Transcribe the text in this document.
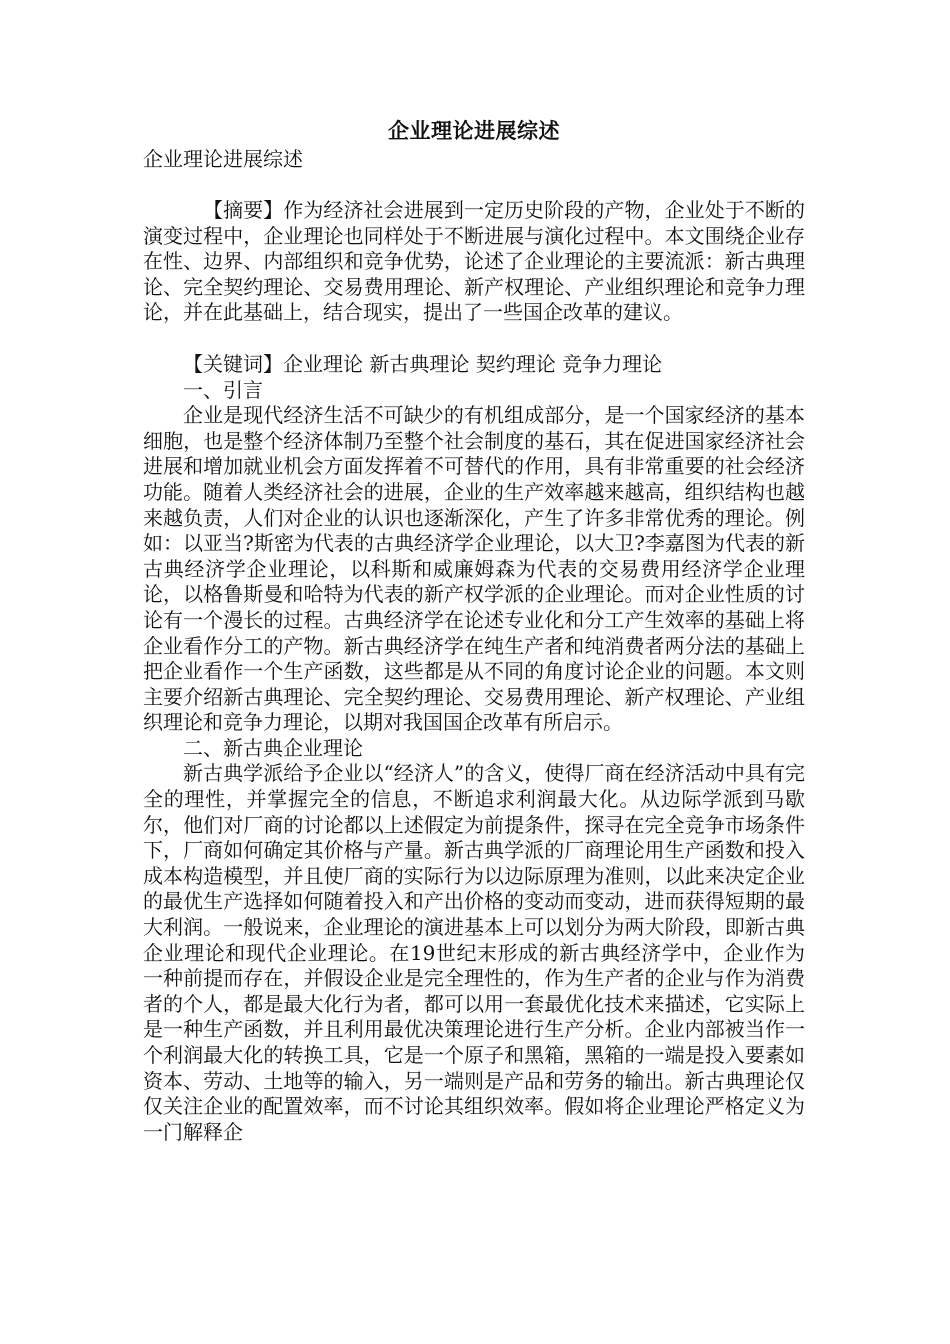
企业理论进展综述

企业理论进展综述

【摘要】作为经济社会进展到一定历史阶段的产物，企业处于不断的演变过程中，企业理论也同样处于不断进展与演化过程中。本文围绕企业存在性、边界、内部组织和竞争优势，论述了企业理论的主要流派：新古典理论、完全契约理论、交易费用理论、新产权理论、产业组织理论和竞争力理论，并在此基础上，结合现实，提出了一些国企改革的建议。

【关键词】企业理论 新古典理论 契约理论 竞争力理论

一、引言

企业是现代经济生活不可缺少的有机组成部分，是一个国家经济的基本细胞，也是整个经济体制乃至整个社会制度的基石，其在促进国家经济社会进展和增加就业机会方面发挥着不可替代的作用，具有非常重要的社会经济功能。随着人类经济社会的进展，企业的生产效率越来越高，组织结构也越来越负责，人们对企业的认识也逐渐深化，产生了许多非常优秀的理论。例如：以亚当?斯密为代表的古典经济学企业理论，以大卫?李嘉图为代表的新古典经济学企业理论，以科斯和威廉姆森为代表的交易费用经济学企业理论，以格鲁斯曼和哈特为代表的新产权学派的企业理论。而对企业性质的讨论有一个漫长的过程。古典经济学在论述专业化和分工产生效率的基础上将企业看作分工的产物。新古典经济学在纯生产者和纯消费者两分法的基础上把企业看作一个生产函数，这些都是从不同的角度讨论企业的问题。本文则主要介绍新古典理论、完全契约理论、交易费用理论、新产权理论、产业组织理论和竞争力理论，以期对我国国企改革有所启示。

二、新古典企业理论

新古典学派给予企业以“经济人”的含义，使得厂商在经济活动中具有完全的理性，并掌握完全的信息，不断追求利润最大化。从边际学派到马歇尔，他们对厂商的讨论都以上述假定为前提条件，探寻在完全竞争市场条件下，厂商如何确定其价格与产量。新古典学派的厂商理论用生产函数和投入成本构造模型，并且使厂商的实际行为以边际原理为准则，以此来决定企业的最优生产选择如何随着投入和产出价格的变动而变动，进而获得短期的最大利润。一般说来，企业理论的演进基本上可以划分为两大阶段，即新古典企业理论和现代企业理论。在19世纪末形成的新古典经济学中，企业作为一种前提而存在，并假设企业是完全理性的，作为生产者的企业与作为消费者的个人，都是最大化行为者，都可以用一套最优化技术来描述，它实际上是一种生产函数，并且利用最优决策理论进行生产分析。企业内部被当作一个利润最大化的转换工具，它是一个原子和黑箱，黑箱的一端是投入要素如资本、劳动、土地等的输入，另一端则是产品和劳务的输出。新古典理论仅仅关注企业的配置效率，而不讨论其组织效率。假如将企业理论严格定义为一门解释企
